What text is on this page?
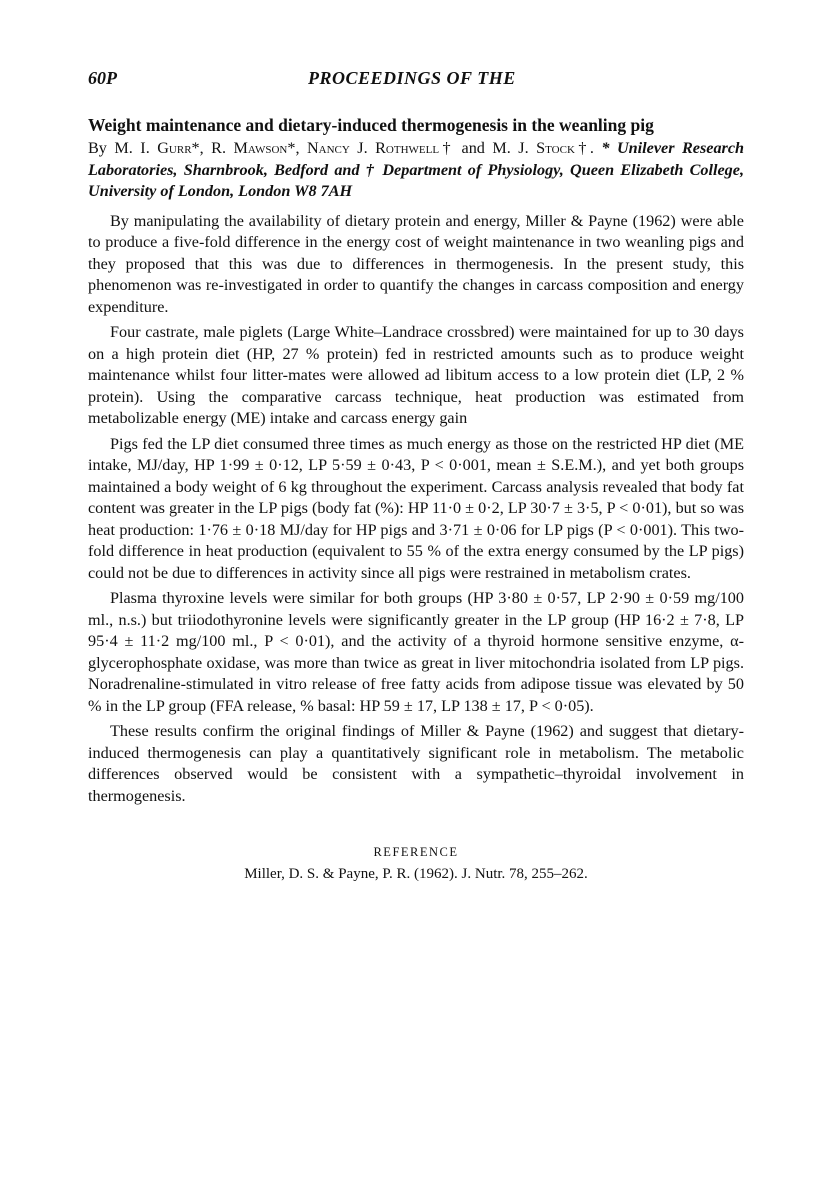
60P	PROCEEDINGS OF THE
Weight maintenance and dietary-induced thermogenesis in the weanling pig
By M. I. Gurr*, R. Mawson*, Nancy J. Rothwell† and M. J. Stock†. * Unilever Research Laboratories, Sharnbrook, Bedford and † Department of Physiology, Queen Elizabeth College, University of London, London W8 7AH

By manipulating the availability of dietary protein and energy, Miller & Payne (1962) were able to produce a five-fold difference in the energy cost of weight maintenance in two weanling pigs and they proposed that this was due to differences in thermogenesis. In the present study, this phenomenon was re-investigated in order to quantify the changes in carcass composition and energy expenditure.

Four castrate, male piglets (Large White–Landrace crossbred) were maintained for up to 30 days on a high protein diet (HP, 27 % protein) fed in restricted amounts such as to produce weight maintenance whilst four litter-mates were allowed ad libitum access to a low protein diet (LP, 2 % protein). Using the comparative carcass technique, heat production was estimated from metabolizable energy (ME) intake and carcass energy gain

Pigs fed the LP diet consumed three times as much energy as those on the restricted HP diet (ME intake, MJ/day, HP 1·99 ± 0·12, LP 5·59 ± 0·43, P < 0·001, mean ± S.E.M.), and yet both groups maintained a body weight of 6 kg throughout the experiment. Carcass analysis revealed that body fat content was greater in the LP pigs (body fat (%): HP 11·0 ± 0·2, LP 30·7 ± 3·5, P < 0·01), but so was heat production: 1·76 ± 0·18 MJ/day for HP pigs and 3·71 ± 0·06 for LP pigs (P < 0·001). This two-fold difference in heat production (equivalent to 55 % of the extra energy consumed by the LP pigs) could not be due to differences in activity since all pigs were restrained in metabolism crates.

Plasma thyroxine levels were similar for both groups (HP 3·80 ± 0·57, LP 2·90 ± 0·59 mg/100 ml., n.s.) but triiodothyronine levels were significantly greater in the LP group (HP 16·2 ± 7·8, LP 95·4 ± 11·2 mg/100 ml., P < 0·01), and the activity of a thyroid hormone sensitive enzyme, α-glycerophosphate oxidase, was more than twice as great in liver mitochondria isolated from LP pigs. Noradrenaline-stimulated in vitro release of free fatty acids from adipose tissue was elevated by 50 % in the LP group (FFA release, % basal: HP 59 ± 17, LP 138 ± 17, P < 0·05).

These results confirm the original findings of Miller & Payne (1962) and suggest that dietary-induced thermogenesis can play a quantitatively significant role in metabolism. The metabolic differences observed would be consistent with a sympathetic–thyroidal involvement in thermogenesis.

REFERENCE
Miller, D. S. & Payne, P. R. (1962). J. Nutr. 78, 255–262.
